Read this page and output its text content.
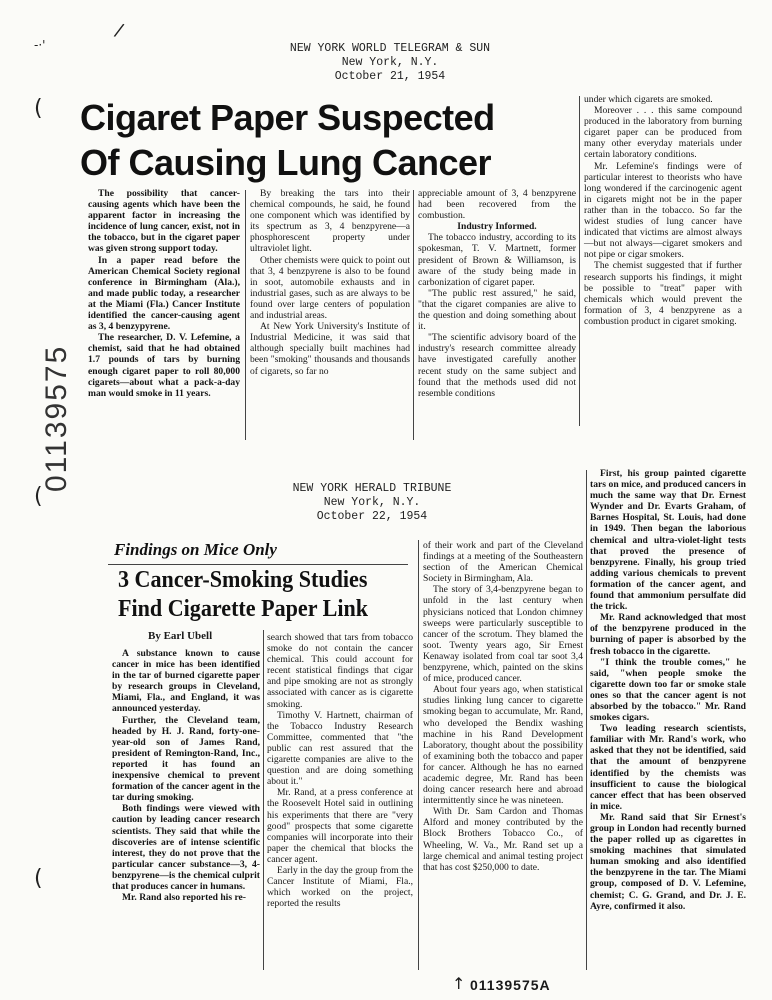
(
(
(
/
-·'
01139575
NEW YORK WORLD TELEGRAM & SUN
New York, N.Y.
October 21, 1954
Cigaret Paper Suspected
Of Causing Lung Cancer

The possibility that cancer-causing agents which have been the apparent factor in increasing the incidence of lung cancer, exist, not in the tobacco, but in the cigaret paper was given strong support today.

In a paper read before the American Chemical Society regional conference in Birmingham (Ala.), and made public today, a researcher at the Miami (Fla.) Cancer Institute identified the cancer-causing agent as 3, 4 benzypyrene.

The researcher, D. V. Lefemine, a chemist, said that he had obtained 1.7 pounds of tars by burning enough cigaret paper to roll 80,000 cigarets—about what a pack-a-day man would smoke in 11 years.

By breaking the tars into their chemical compounds, he said, he found one component which was identified by its spectrum as 3, 4 benzpyrene—a phosphorescent property under ultraviolet light.

Other chemists were quick to point out that 3, 4 benzpyrene is also to be found in soot, automobile exhausts and in industrial gases, such as are always to be found over large centers of population and industrial areas.

At New York University's Institute of Industrial Medicine, it was said that although specially built machines had been "smoking" thousands and thousands of cigarets, so far no

appreciable amount of 3, 4 benzpyrene had been recovered from the combustion.

Industry Informed.

The tobacco industry, according to its spokesman, T. V. Martnett, former president of Brown & Williamson, is aware of the study being made in carbonization of cigaret paper.

"The public rest assured," he said, "that the cigaret companies are alive to the question and doing something about it.

"The scientific advisory board of the industry's research committee already have investigated carefully another recent study on the same subject and found that the methods used did not resemble conditions

under which cigarets are smoked.

Moreover . . . this same compound produced in the laboratory from burning cigaret paper can be produced from many other everyday materials under certain laboratory conditions.

Mr. Lefemine's findings were of particular interest to theorists who have long wondered if the carcinogenic agent in cigarets might not be in the paper rather than in the tobacco. So far the widest studies of lung cancer have indicated that victims are almost always—but not always—cigaret smokers and not pipe or cigar smokers.

The chemist suggested that if further research supports his findings, it might be possible to "treat" paper with chemicals which would prevent the formation of 3, 4 benzpyrene as a combustion product in cigaret smoking.

NEW YORK HERALD TRIBUNE
New York, N.Y.
October 22, 1954
Findings on Mice Only
3 Cancer-Smoking Studies
Find Cigarette Paper Link
By Earl Ubell

A substance known to cause cancer in mice has been identified in the tar of burned cigarette paper by research groups in Cleveland, Miami, Fla., and England, it was announced yesterday.

Further, the Cleveland team, headed by H. J. Rand, forty-one-year-old son of James Rand, president of Remington-Rand, Inc., reported it has found an inexpensive chemical to prevent formation of the cancer agent in the tar during smoking.

Both findings were viewed with caution by leading cancer research scientists. They said that while the discoveries are of intense scientific interest, they do not prove that the particular cancer substance—3, 4-benzpyrene—is the chemical culprit that produces cancer in humans.

Mr. Rand also reported his re-

search showed that tars from tobacco smoke do not contain the cancer chemical. This could account for recent statistical findings that cigar and pipe smoking are not as strongly associated with cancer as is cigarette smoking.

Timothy V. Hartnett, chairman of the Tobacco Industry Research Committee, commented that "the public can rest assured that the cigarette companies are alive to the question and are doing something about it."

Mr. Rand, at a press conference at the Roosevelt Hotel said in outlining his experiments that there are "very good" prospects that some cigarette companies will incorporate into their paper the chemical that blocks the cancer agent.

Early in the day the group from the Cancer Institute of Miami, Fla., which worked on the project, reported the results

of their work and part of the Cleveland findings at a meeting of the Southeastern section of the American Chemical Society in Birmingham, Ala.

The story of 3,4-benzpyrene began to unfold in the last century when physicians noticed that London chimney sweeps were particularly susceptible to cancer of the scrotum. They blamed the soot. Twenty years ago, Sir Ernest Kenaway isolated from coal tar soot 3,4 benzpyrene, which, painted on the skins of mice, produced cancer.

About four years ago, when statistical studies linking lung cancer to cigarette smoking began to accumulate, Mr. Rand, who developed the Bendix washing machine in his Rand Development Laboratory, thought about the possibility of examining both the tobacco and paper for cancer. Although he has no earned academic degree, Mr. Rand has been doing cancer research here and abroad intermittently since he was nineteen.

With Dr. Sam Cardon and Thomas Alford and money contributed by the Block Brothers Tobacco Co., of Wheeling, W. Va., Mr. Rand set up a large chemical and animal testing project that has cost $250,000 to date.

First, his group painted cigarette tars on mice, and produced cancers in much the same way that Dr. Ernest Wynder and Dr. Evarts Graham, of Barnes Hospital, St. Louis, had done in 1949. Then began the laborious chemical and ultra-violet-light tests that proved the presence of benzpyrene. Finally, his group tried adding various chemicals to prevent formation of the cancer agent, and found that ammonium persulfate did the trick.

Mr. Rand acknowledged that most of the benzpyrene produced in the burning of paper is absorbed by the fresh tobacco in the cigarette.

"I think the trouble comes," he said, "when people smoke the cigarette down too far or smoke stale ones so that the cancer agent is not absorbed by the tobacco." Mr. Rand smokes cigars.

Two leading research scientists, familiar with Mr. Rand's work, who asked that they not be identified, said that the amount of benzpyrene identified by the chemists was insufficient to cause the biological cancer effect that has been observed in mice.

Mr. Rand said that Sir Ernest's group in London had recently burned the paper rolled up as cigarettes in smoking machines that simulated human smoking and also identified the benzpyrene in the tar. The Miami group, composed of D. V. Lefemine, chemist; C. G. Grand, and Dr. J. E. Ayre, confirmed it also.

↑ 01139575A
